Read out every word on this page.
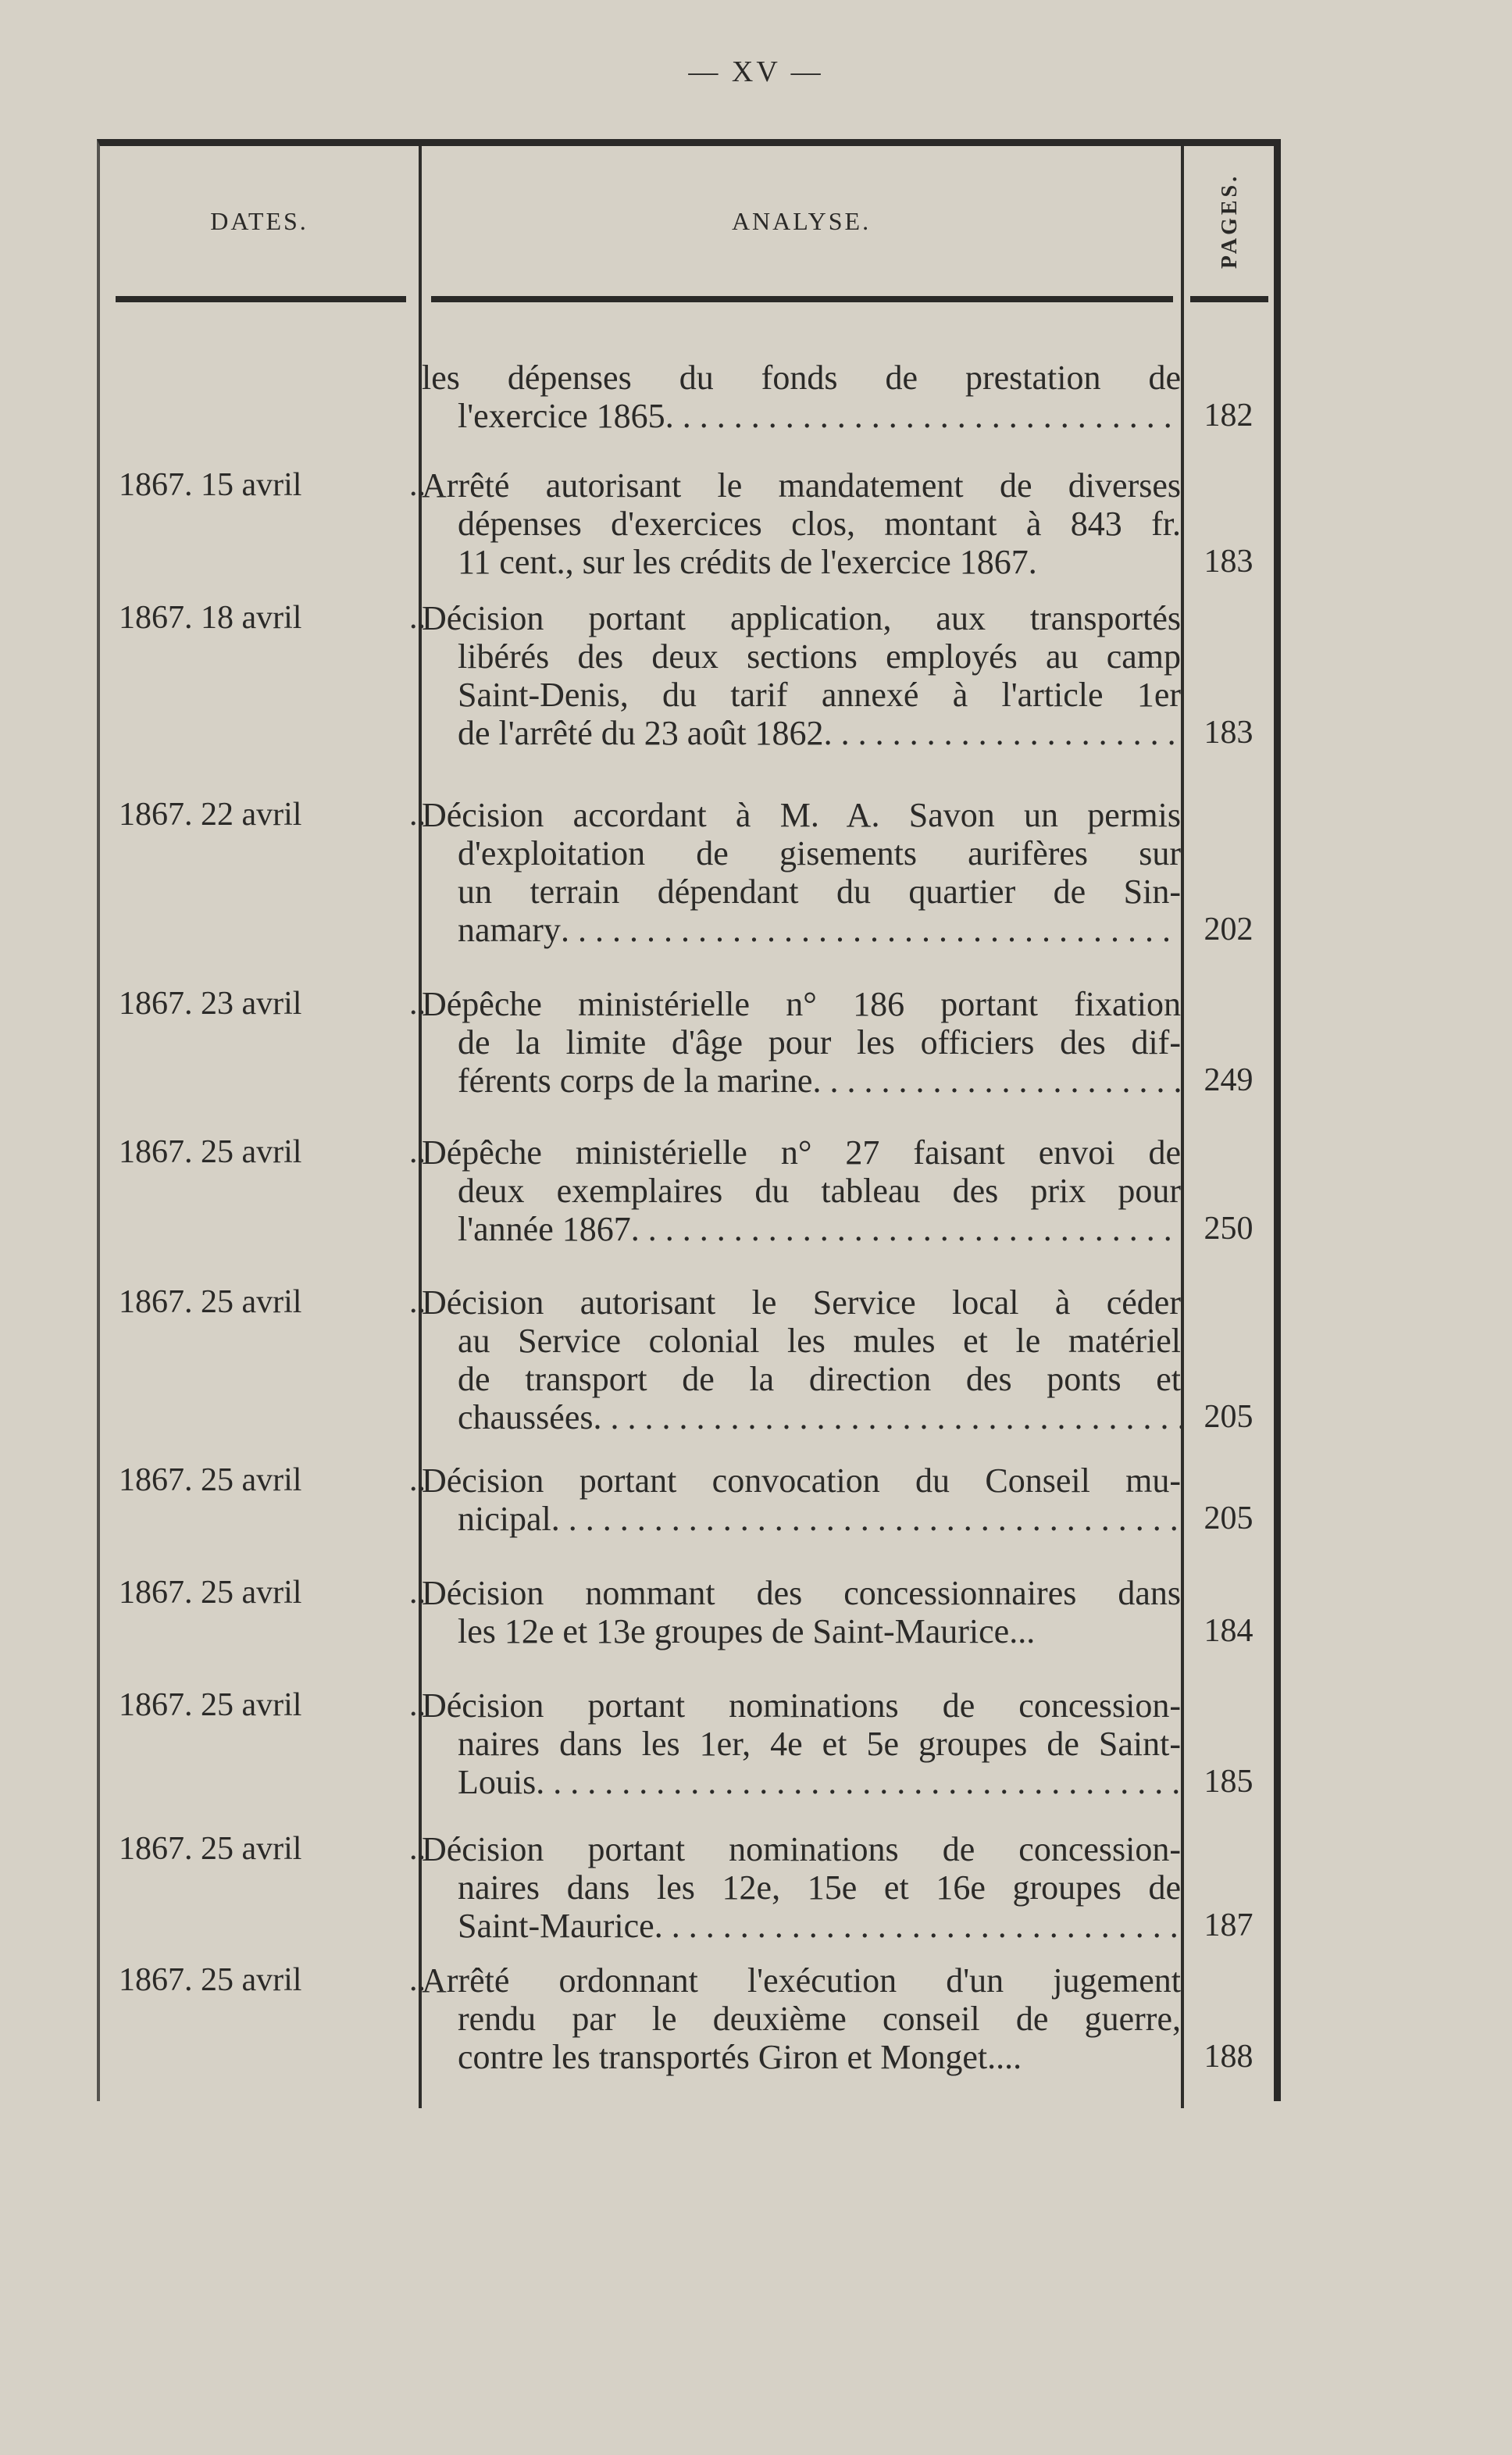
— XV —
DATES.	ANALYSE.	PAGES.
les dépenses du fonds de prestation de
l'exercice 1865 . . .	182
1867. 15 avril	..
Arrêté autorisant le mandatement de diverses
dépenses d'exercices clos, montant à 843 fr.
11 cent., sur les crédits de l'exercice 1867.	183
1867. 18 avril	..
Décision portant application, aux transportés
libérés des deux sections employés au camp
Saint-Denis, du tarif annexé à l'article 1er
de l'arrêté du 23 août 1862 . . .	183
1867. 22 avril	..
Décision accordant à M. A. Savon un permis
d'exploitation de gisements aurifères sur
un terrain dépendant du quartier de Sin-
namary . . .	202
1867. 23 avril	..
Dépêche ministérielle n° 186 portant fixation
de la limite d'âge pour les officiers des dif-
férents corps de la marine . . .	249
1867. 25 avril	..
Dépêche ministérielle n° 27 faisant envoi de
deux exemplaires du tableau des prix pour
l'année 1867 . . .	250
1867. 25 avril	..
Décision autorisant le Service local à céder
au Service colonial les mules et le matériel
de transport de la direction des ponts et
chaussées . . .	205
1867. 25 avril	..
Décision portant convocation du Conseil mu-
nicipal . . .	205
1867. 25 avril	..
Décision nommant des concessionnaires dans
les 12e et 13e groupes de Saint-Maurice...	184
1867. 25 avril	..
Décision portant nominations de concession-
naires dans les 1er, 4e et 5e groupes de Saint-
Louis . . .	185
1867. 25 avril	..
Décision portant nominations de concession-
naires dans les 12e, 15e et 16e groupes de
Saint-Maurice . . .	187
1867. 25 avril	..
Arrêté ordonnant l'exécution d'un jugement
rendu par le deuxième conseil de guerre,
contre les transportés Giron et Monget....	188
